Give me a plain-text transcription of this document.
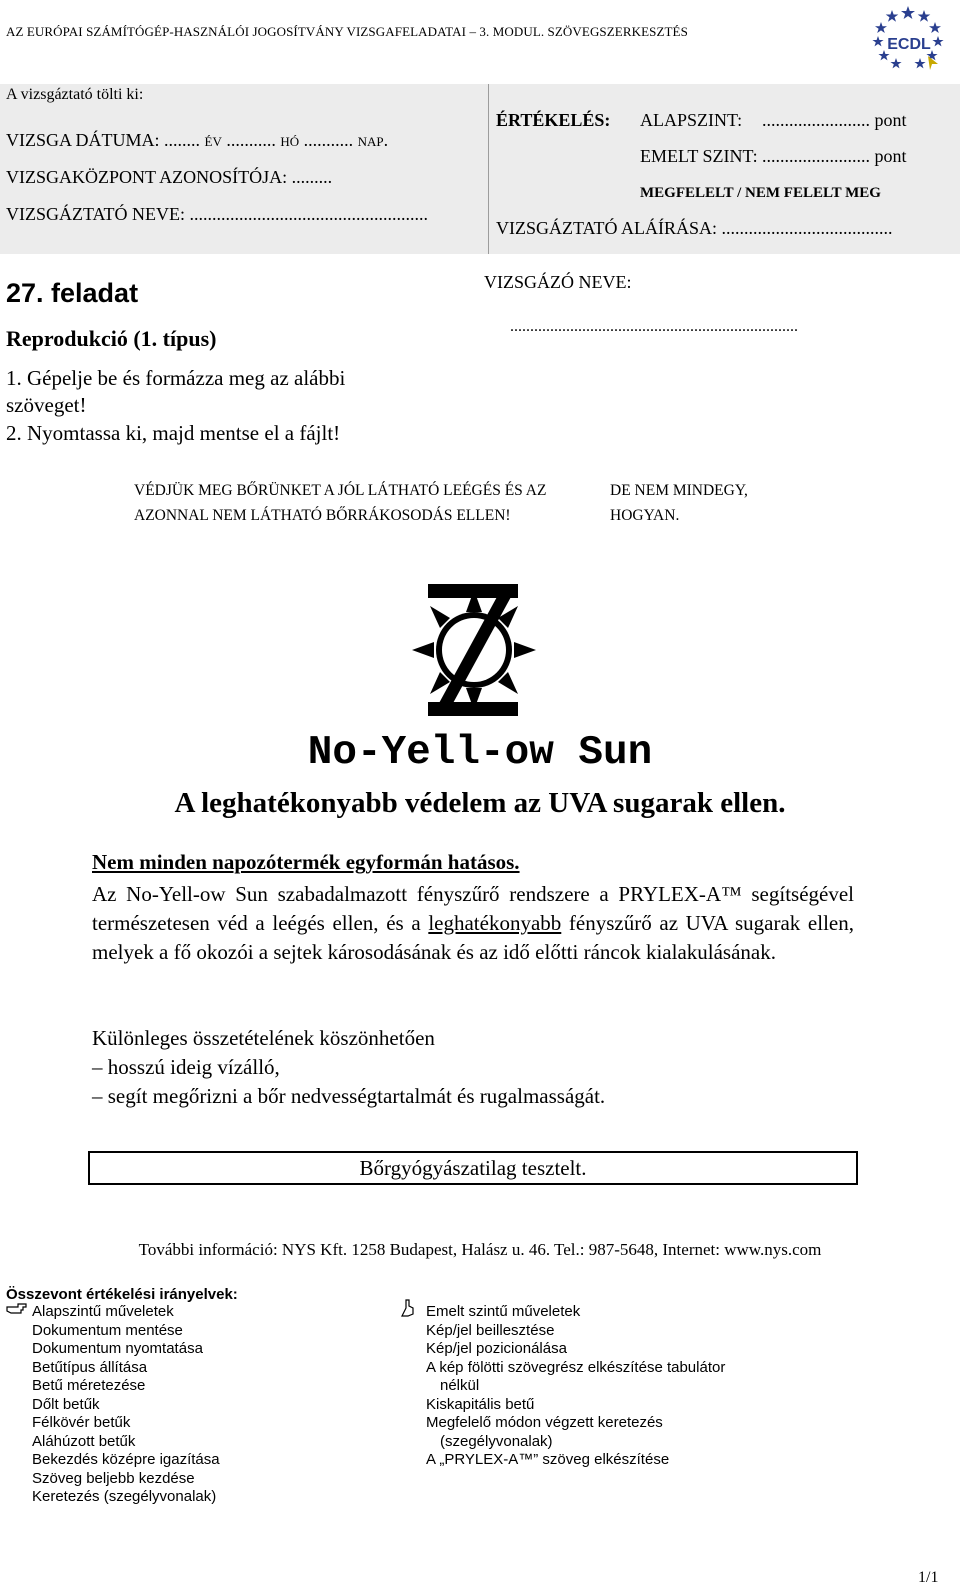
AZ EURÓPAI SZÁMÍTÓGÉP-HASZNÁLÓI JOGOSÍTVÁNY VIZSGAFELADATAI – 3. MODUL. SZÖVEGSZERKESZTÉS
ECDL
A vizsgáztató tölti ki:
VIZSGA DÁTUMA: ........ év ........... hó ........... nap.
VIZSGAKÖZPONT AZONOSÍTÓJA: .........
VIZSGÁZTATÓ NEVE: .....................................................
ÉRTÉKELÉS: ALAPSZINT: ........................ pont
EMELT SZINT: ........................ pont
MEGFELELT / NEM FELELT MEG
VIZSGÁZTATÓ ALÁÍRÁSA: ......................................
27. feladat
Reprodukció (1. típus)
1. Gépelje be és formázza meg az alábbi szöveget!
2. Nyomtassa ki, majd mentse el a fájlt!
VIZSGÁZÓ NEVE:
........................................................................
VÉDJÜK MEG BŐRÜNKET A JÓL LÁTHATÓ LEÉGÉS ÉS AZ AZONNAL NEM LÁTHATÓ BŐRRÁKOSODÁS ELLEN!
DE NEM MINDEGY, HOGYAN.
Z
No-Yell-ow Sun
A leghatékonyabb védelem az UVA sugarak ellen.
Nem minden napozótermék egyformán hatásos.
Az No-Yell-ow Sun szabadalmazott fényszűrő rendszere a PRYLEX-A™ segítségével természetesen véd a leégés ellen, és a leghatékonyabb fényszűrő az UVA sugarak ellen, melyek a fő okozói a sejtek károsodásának és az idő előtti ráncok kialakulásának.
Különleges összetételének köszönhetően
– hosszú ideig vízálló,
– segít megőrizni a bőr nedvességtartalmát és rugalmasságát.
Bőrgyógyászatilag tesztelt.
További információ: NYS Kft. 1258 Budapest, Halász u. 46. Tel.: 987-5648, Internet: www.nys.com
Összevont értékelési irányelvek:
Alapszintű műveletek
Dokumentum mentése
Dokumentum nyomtatása
Betűtípus állítása
Betű méretezése
Dőlt betűk
Félkövér betűk
Aláhúzott betűk
Bekezdés középre igazítása
Szöveg beljebb kezdése
Keretezés (szegélyvonalak)
Emelt szintű műveletek
Kép/jel beillesztése
Kép/jel pozicionálása
A kép fölötti szövegrész elkészítése tabulátor
nélkül
Kiskapitális betű
Megfelelő módon végzett keretezés
(szegélyvonalak)
A „PRYLEX-A™” szöveg elkészítése
1/1
